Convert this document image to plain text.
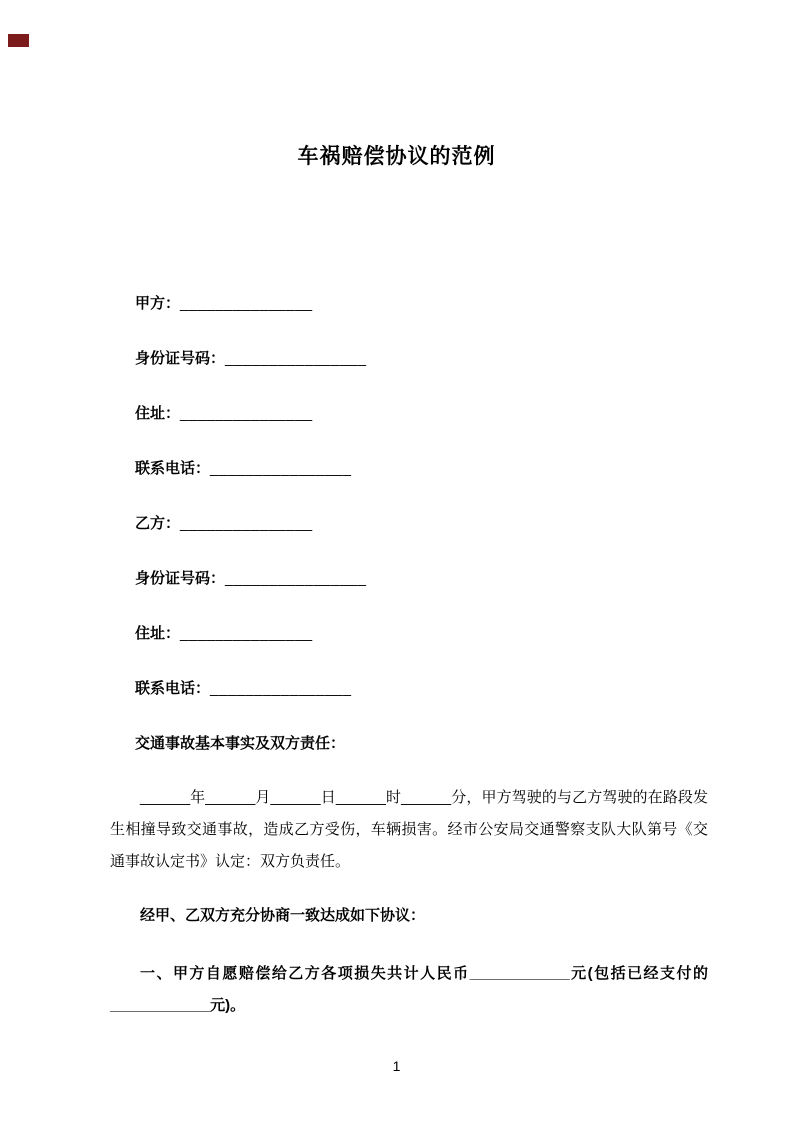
车祸赔偿协议的范例
甲方：_______________
身份证号码：________________
住址：_______________
联系电话：________________
乙方：_______________
身份证号码：________________
住址：_______________
联系电话：________________
交通事故基本事实及双方责任：

______年______月______日______时______分，甲方驾驶的与乙方驾驶的在路段发生相撞导致交通事故，造成乙方受伤，车辆损害。经市公安局交通警察支队大队第号《交通事故认定书》认定：双方负责任。

经甲、乙双方充分协商一致达成如下协议：

一、甲方自愿赔偿给乙方各项损失共计人民币____________元(包括已经支付的____________元)。

1
